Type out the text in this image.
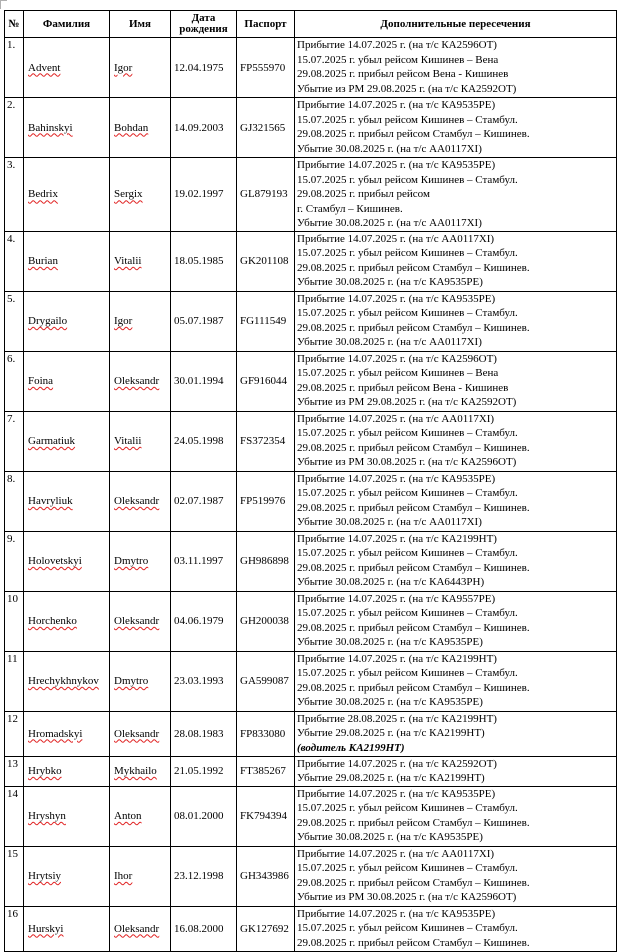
№	Фамилия	Имя	Дата рождения	Паспорт	Дополнительные пересечения
1.	Advent	Igor	12.04.1975	FP555970	Прибытие 14.07.2025 г. (на т/с КА2596ОТ)
15.07.2025 г. убыл рейсом Кишинев – Вена
29.08.2025 г. прибыл рейсом Вена - Кишинев
Убытие из РМ 29.08.2025 г. (на т/с КА2592ОТ)

2.	Bahinskyi	Bohdan	14.09.2003	GJ321565	Прибытие 14.07.2025 г. (на т/с КА9535РЕ)
15.07.2025 г. убыл рейсом Кишинев – Стамбул.
29.08.2025 г. прибыл рейсом Стамбул – Кишинев.
Убытие 30.08.2025 г. (на т/с АА0117ХI)

3.	Bedrix	Sergix	19.02.1997	GL879193	Прибытие 14.07.2025 г. (на т/с КА9535РЕ)
15.07.2025 г. убыл рейсом Кишинев – Стамбул.
29.08.2025 г. прибыл рейсом
г. Стамбул – Кишинев.
Убытие 30.08.2025 г. (на т/с АА0117ХI)

4.	Burian	Vitalii	18.05.1985	GK201108	Прибытие 14.07.2025 г. (на т/с АА0117ХI)
15.07.2025 г. убыл рейсом Кишинев – Стамбул.
29.08.2025 г. прибыл рейсом Стамбул – Кишинев.
Убытие 30.08.2025 г. (на т/с КА9535РЕ)

5.	Drygailo	Igor	05.07.1987	FG111549	Прибытие 14.07.2025 г. (на т/с КА9535РЕ)
15.07.2025 г. убыл рейсом Кишинев – Стамбул.
29.08.2025 г. прибыл рейсом Стамбул – Кишинев.
Убытие 30.08.2025 г. (на т/с АА0117ХI)

6.	Foina	Oleksandr	30.01.1994	GF916044	Прибытие 14.07.2025 г. (на т/с КА2596ОТ)
15.07.2025 г. убыл рейсом Кишинев – Вена
29.08.2025 г. прибыл рейсом Вена - Кишинев
Убытие из РМ 29.08.2025 г. (на т/с КА2592ОТ)

7.	Garmatiuk	Vitalii	24.05.1998	FS372354	Прибытие 14.07.2025 г. (на т/с АА0117ХI)
15.07.2025 г. убыл рейсом Кишинев – Стамбул.
29.08.2025 г. прибыл рейсом Стамбул – Кишинев.
Убытие из РМ 30.08.2025 г. (на т/с КА2596ОТ)

8.	Havryliuk	Oleksandr	02.07.1987	FP519976	Прибытие 14.07.2025 г. (на т/с КА9535РЕ)
15.07.2025 г. убыл рейсом Кишинев – Стамбул.
29.08.2025 г. прибыл рейсом Стамбул – Кишинев.
Убытие 30.08.2025 г. (на т/с АА0117ХI)

9.	Holovetskyi	Dmytro	03.11.1997	GH986898	Прибытие 14.07.2025 г. (на т/с КА2199НТ)
15.07.2025 г. убыл рейсом Кишинев – Стамбул.
29.08.2025 г. прибыл рейсом Стамбул – Кишинев.
Убытие 30.08.2025 г. (на т/с КА6443РН)

10	Horchenko	Oleksandr	04.06.1979	GH200038	Прибытие 14.07.2025 г. (на т/с КА9557РЕ)
15.07.2025 г. убыл рейсом Кишинев – Стамбул.
29.08.2025 г. прибыл рейсом Стамбул – Кишинев.
Убытие 30.08.2025 г. (на т/с КА9535РЕ)

11	Hrechykhnykov	Dmytro	23.03.1993	GA599087	Прибытие 14.07.2025 г. (на т/с КА2199НТ)
15.07.2025 г. убыл рейсом Кишинев – Стамбул.
29.08.2025 г. прибыл рейсом Стамбул – Кишинев.
Убытие 30.08.2025 г. (на т/с КА9535РЕ)

12	Hromadskyi	Oleksandr	28.08.1983	FP833080	Прибытие 28.08.2025 г. (на т/с КА2199НТ)
Убытие 29.08.2025 г. (на т/с КА2199НТ)
(водитель КА2199НТ)

13	Hrybko	Mykhailo	21.05.1992	FT385267	Прибытие 14.07.2025 г. (на т/с КА2592ОТ)
Убытие 29.08.2025 г. (на т/с КА2199НТ)

14	Hryshyn	Anton	08.01.2000	FK794394	Прибытие 14.07.2025 г. (на т/с КА9535РЕ)
15.07.2025 г. убыл рейсом Кишинев – Стамбул.
29.08.2025 г. прибыл рейсом Стамбул – Кишинев.
Убытие 30.08.2025 г. (на т/с КА9535РЕ)

15	Hrytsiy	Ihor	23.12.1998	GH343986	Прибытие 14.07.2025 г. (на т/с АА0117ХI)
15.07.2025 г. убыл рейсом Кишинев – Стамбул.
29.08.2025 г. прибыл рейсом Стамбул – Кишинев.
Убытие из РМ 30.08.2025 г. (на т/с КА2596ОТ)

16	Hurskyi	Oleksandr	16.08.2000	GK127692	Прибытие 14.07.2025 г. (на т/с КА9535РЕ)
15.07.2025 г. убыл рейсом Кишинев – Стамбул.
29.08.2025 г. прибыл рейсом Стамбул – Кишинев.
